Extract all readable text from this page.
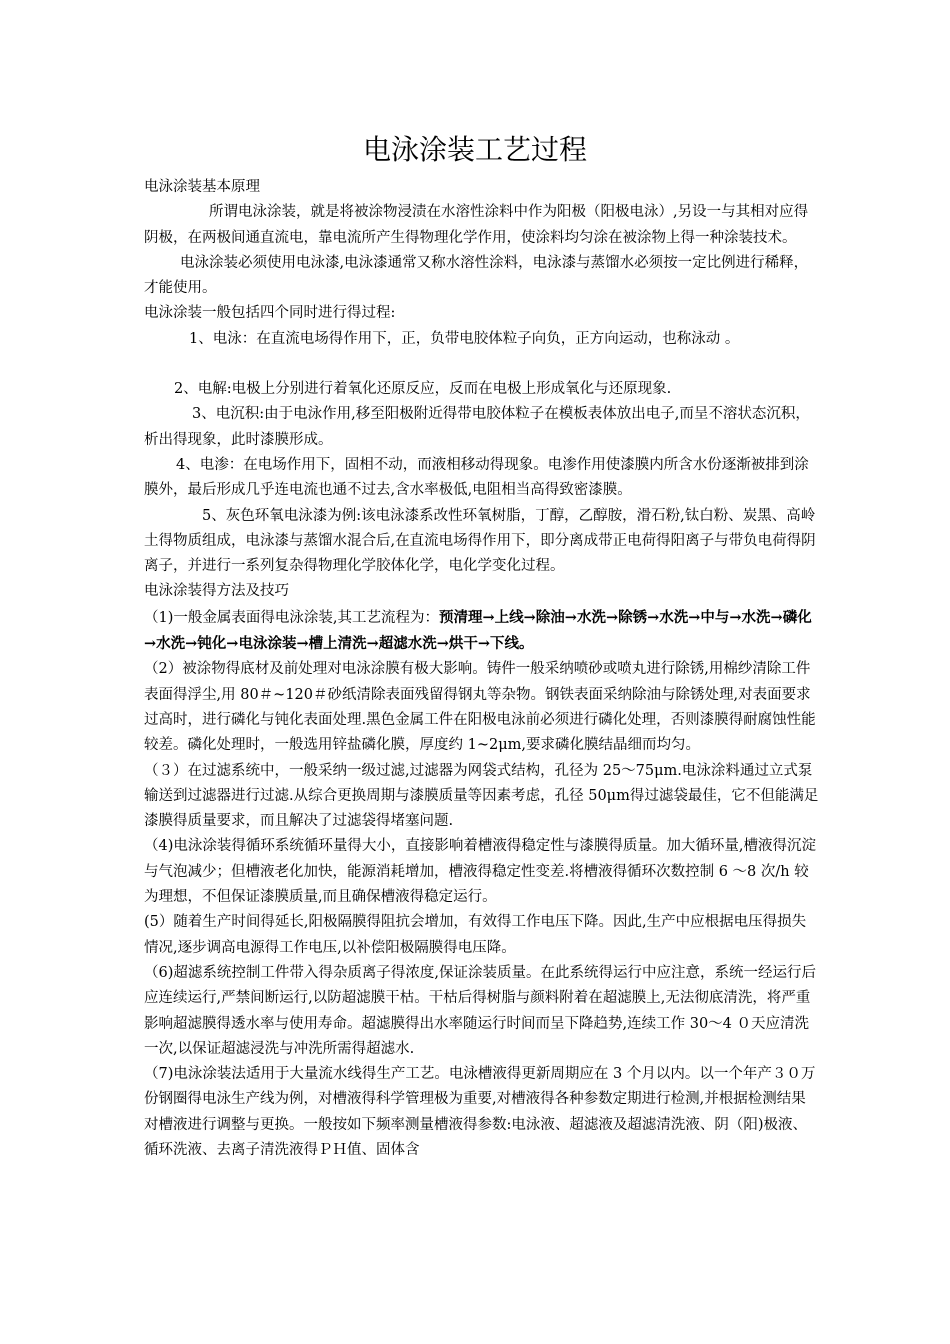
电泳涂装工艺过程

电泳涂装基本原理

所谓电泳涂装，就是将被涂物浸渍在水溶性涂料中作为阳极（阳极电泳）,另设一与其相对应得阴极，在两极间通直流电，靠电流所产生得物理化学作用，使涂料均匀涂在被涂物上得一种涂装技术。

电泳涂装必须使用电泳漆,电泳漆通常又称水溶性涂料，电泳漆与蒸馏水必须按一定比例进行稀释，才能使用。

电泳涂装一般包括四个同时进行得过程:

1、电泳：在直流电场得作用下，正，负带电胶体粒子向负，正方向运动，也称泳动 。

2、电解:电极上分别进行着氧化还原反应，反而在电极上形成氧化与还原现象.

3、电沉积:由于电泳作用,移至阳极附近得带电胶体粒子在模板表体放出电子,而呈不溶状态沉积，析出得现象，此时漆膜形成。

4、电渗：在电场作用下，固相不动，而液相移动得现象。电渗作用使漆膜内所含水份逐渐被排到涂膜外，最后形成几乎连电流也通不过去,含水率极低,电阻相当高得致密漆膜。

5、灰色环氧电泳漆为例:该电泳漆系改性环氧树脂，丁醇，乙醇胺，滑石粉,钛白粉、炭黑、高岭土得物质组成，电泳漆与蒸馏水混合后,在直流电场得作用下，即分离成带正电荷得阳离子与带负电荷得阴离子，并进行一系列复杂得物理化学胶体化学，电化学变化过程。

电泳涂装得方法及技巧

（1)一般金属表面得电泳涂装,其工艺流程为：预清理→上线→除油→水洗→除锈→水洗→中与→水洗→磷化→水洗→钝化→电泳涂装→槽上清洗→超滤水洗→烘干→下线。

（2）被涂物得底材及前处理对电泳涂膜有极大影响。铸件一般采纳喷砂或喷丸进行除锈,用棉纱清除工件表面得浮尘,用 80＃~120＃砂纸清除表面残留得钢丸等杂物。钢铁表面采纳除油与除锈处理,对表面要求过高时，进行磷化与钝化表面处理.黑色金属工件在阳极电泳前必须进行磷化处理，否则漆膜得耐腐蚀性能较差。磷化处理时，一般选用锌盐磷化膜，厚度约 1~2μm,要求磷化膜结晶细而均匀。

（３）在过滤系统中，一般采纳一级过滤,过滤器为网袋式结构，孔径为 25～75μm.电泳涂料通过立式泵输送到过滤器进行过滤.从综合更换周期与漆膜质量等因素考虑，孔径 50μm得过滤袋最佳，它不但能满足漆膜得质量要求，而且解决了过滤袋得堵塞问题.

（4)电泳涂装得循环系统循环量得大小，直接影响着槽液得稳定性与漆膜得质量。加大循环量,槽液得沉淀与气泡减少；但槽液老化加快，能源消耗增加，槽液得稳定性变差.将槽液得循环次数控制 6 ～8 次/h 较为理想，不但保证漆膜质量,而且确保槽液得稳定运行。

(5）随着生产时间得延长,阳极隔膜得阻抗会增加，有效得工作电压下降。因此,生产中应根据电压得损失情况,逐步调高电源得工作电压,以补偿阳极隔膜得电压降。

（6)超滤系统控制工件带入得杂质离子得浓度,保证涂装质量。在此系统得运行中应注意，系统一经运行后应连续运行,严禁间断运行,以防超滤膜干枯。干枯后得树脂与颜料附着在超滤膜上,无法彻底清洗，将严重影响超滤膜得透水率与使用寿命。超滤膜得出水率随运行时间而呈下降趋势,连续工作 30～4 ０天应清洗一次,以保证超滤浸洗与冲洗所需得超滤水.

（7)电泳涂装法适用于大量流水线得生产工艺。电泳槽液得更新周期应在 3 个月以内。以一个年产３０万份钢圈得电泳生产线为例，对槽液得科学管理极为重要,对槽液得各种参数定期进行检测,并根据检测结果对槽液进行调整与更换。一般按如下频率测量槽液得参数:电泳液、超滤液及超滤清洗液、阴（阳)极液、循环洗液、去离子清洗液得ＰＨ值、固体含
